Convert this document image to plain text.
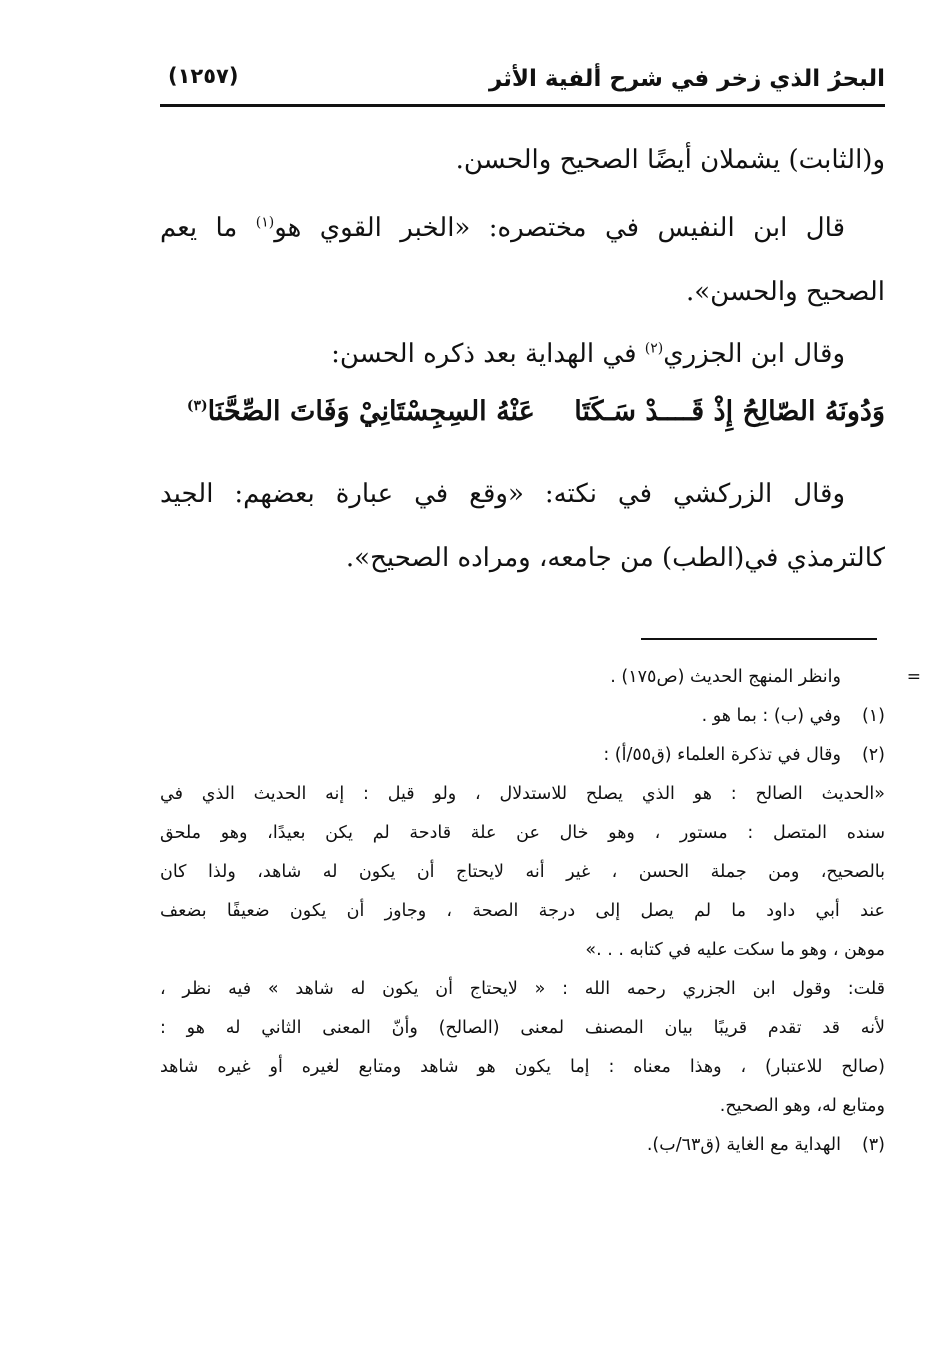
البحرُ الذي زخر في شرح ألفية الأثر
(١٢٥٧)
و(الثابت) يشملان أيضًا الصحيح والحسن.
قال ابن النفيس في مختصره: «الخبر القوي هو$^{(١)}$ ما يعم
الصحيح والحسن».
وقال ابن الجزري$^{(٢)}$ في الهداية بعد ذكره الحسن:
وَدُونَهُ الصّالِحُ إِذْ قَــــدْ سَـكَتَا عَنْهُ السِجِسْتَانِيْ وَفَاتَ الصِّحَّنَا$^{(٣)}$
وقال الزركشي في نكته: «وقع في عبارة بعضهم: الجيد
كالترمذي في(الطب) من جامعه، ومراده الصحيح».
=
وانظر المنهج الحديث (ص١٧٥) .
(١)وفي (ب) : بما هو .
(٢)وقال في تذكرة العلماء (ق٥٥/أ) :
«الحديث الصالح : هو الذي يصلح للاستدلال ، ولو قيل : إنه الحديث الذي في
سنده المتصل : مستور ، وهو خال عن علة قادحة لم يكن بعيدًا، وهو ملحق
بالصحيح، ومن جملة الحسن ، غير أنه لايحتاج أن يكون له شاهد، ولذا كان
عند أبي داود ما لم يصل إلى درجة الصحة ، وجاوز أن يكون ضعيفًا بضعف
موهن ، وهو ما سكت عليه في كتابه . . .»
قلت: وقول ابن الجزري رحمه الله : « لايحتاج أن يكون له شاهد » فيه نظر ،
لأنه قد تقدم قريبًا بيان المصنف لمعنى (الصالح) وأنّ المعنى الثاني له هو :
(صالح للاعتبار) ، وهذا معناه : إما يكون هو شاهد ومتابع لغيره أو غيره شاهد
ومتابع له، وهو الصحيح.
(٣)الهداية مع الغاية (ق٦٣/ب).
